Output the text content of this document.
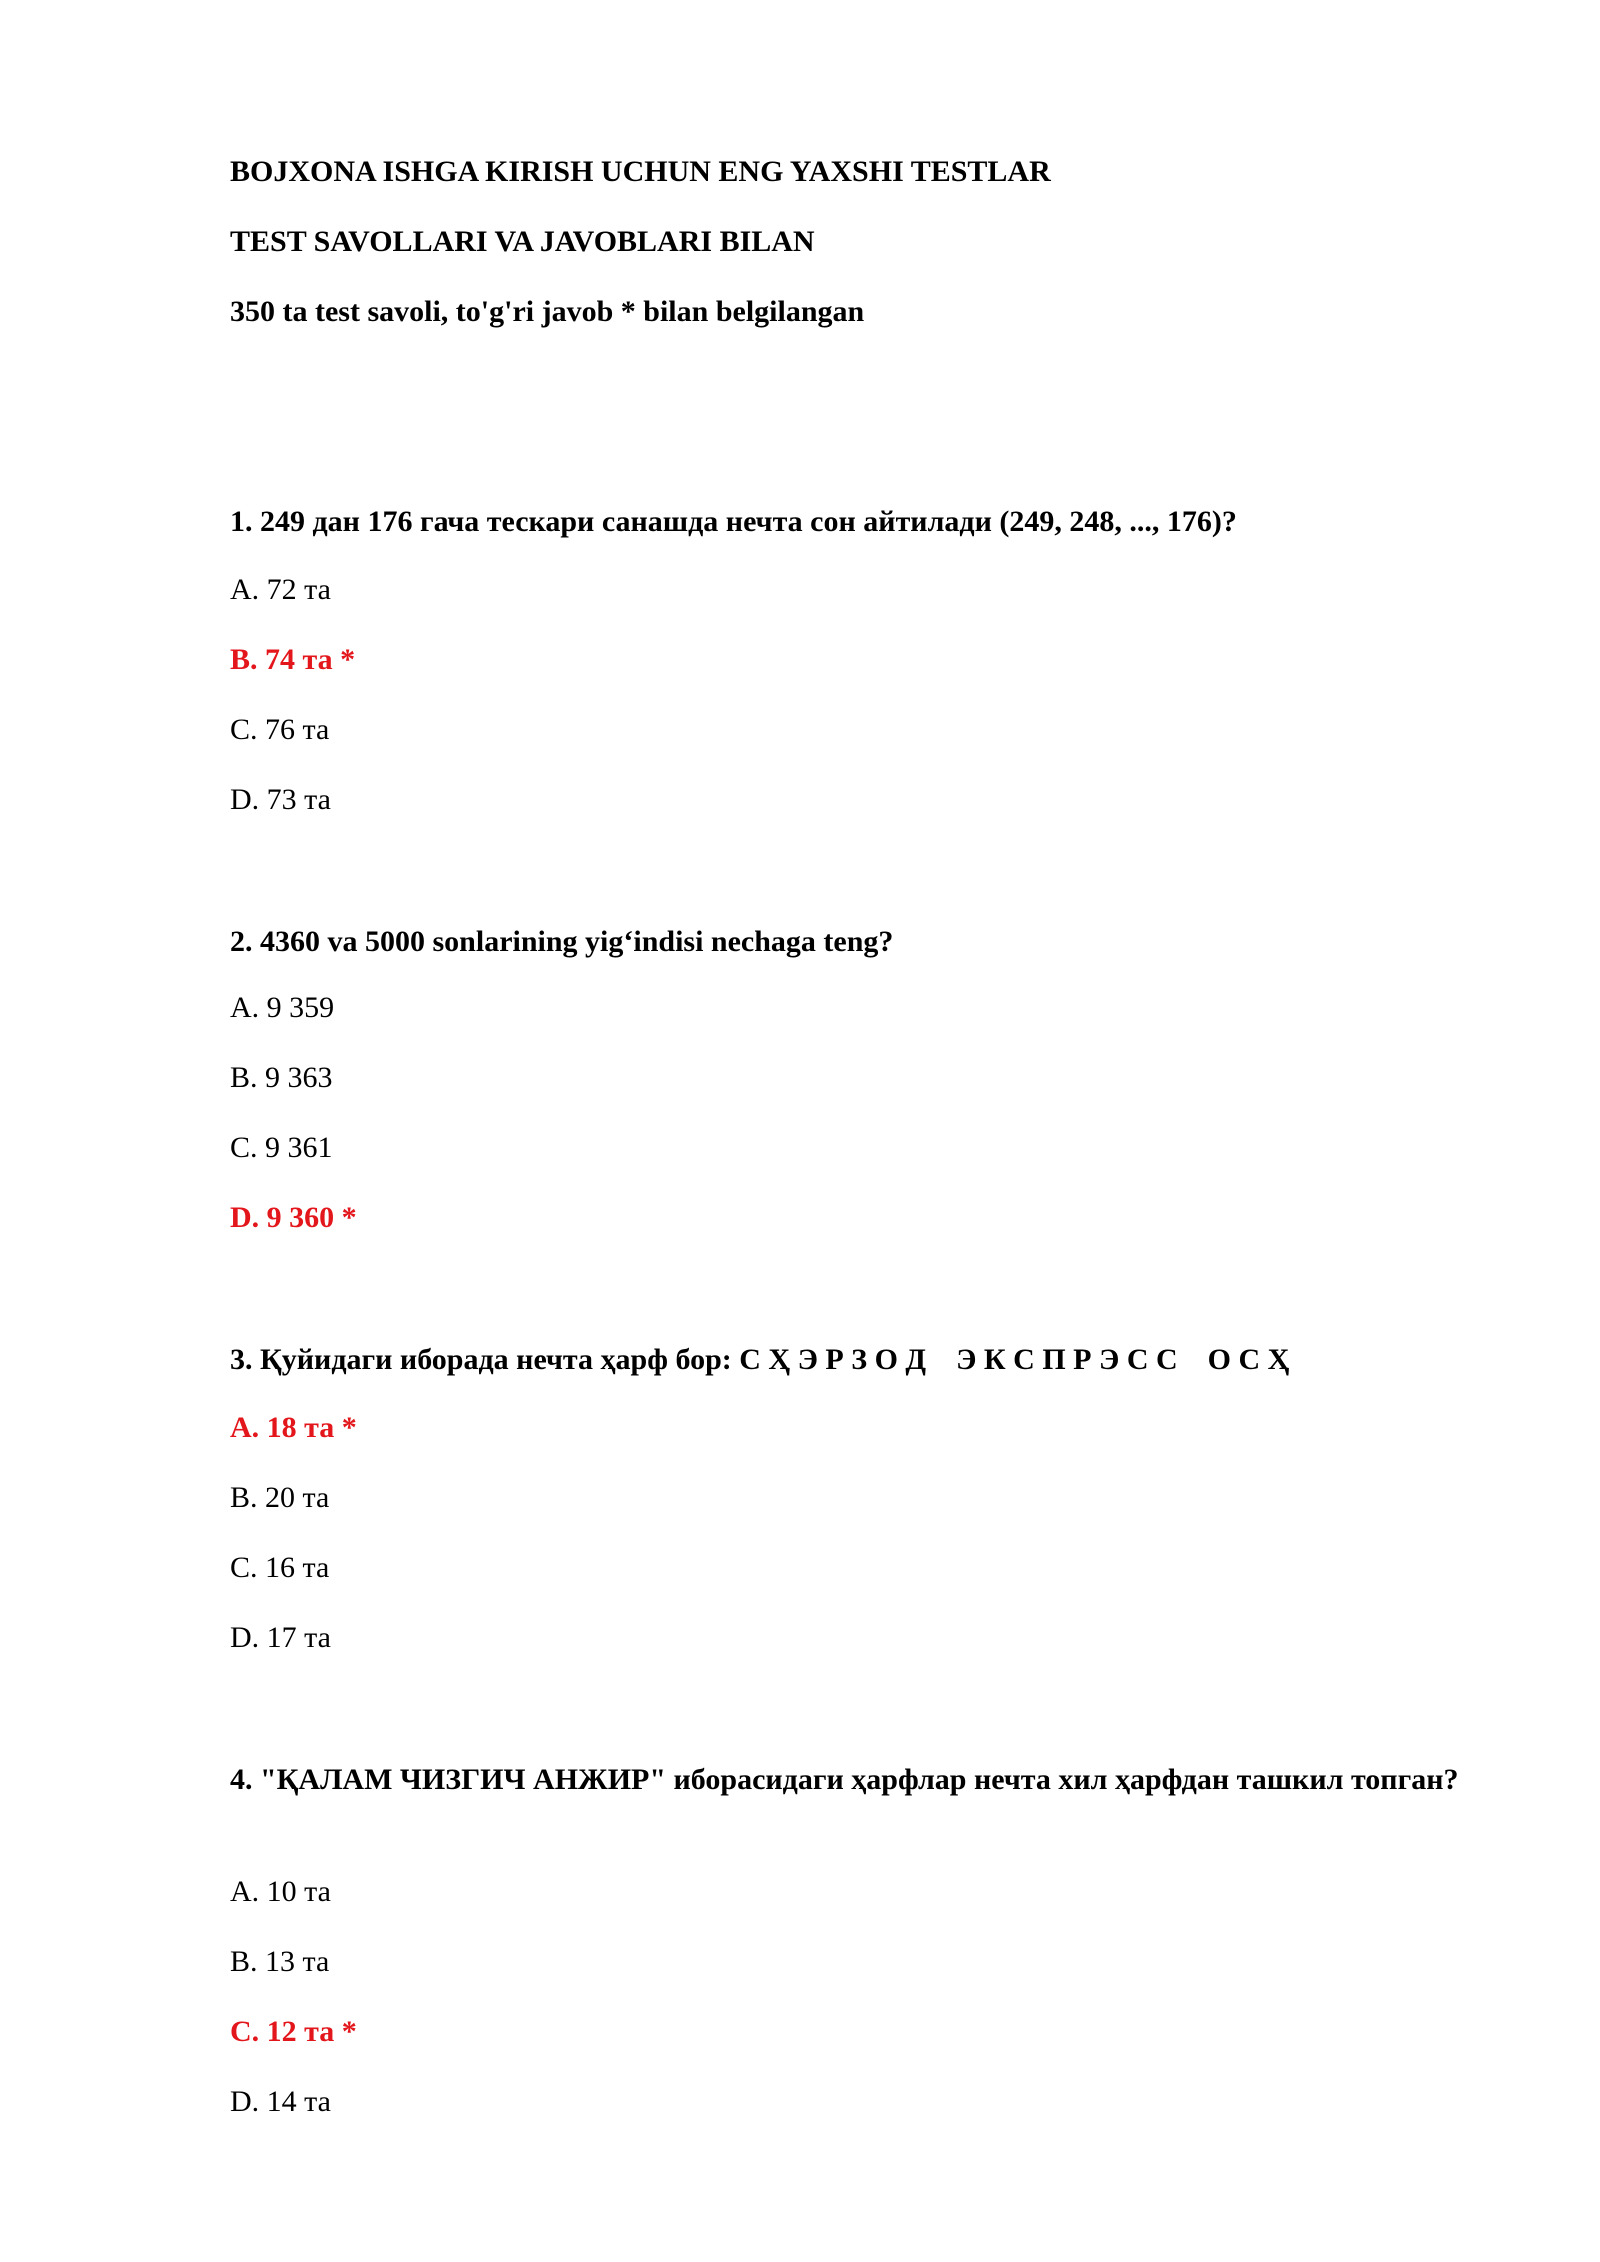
BOJXONA ISHGA KIRISH UCHUN ENG YAXSHI TESTLAR
TEST SAVOLLARI VA JAVOBLARI BILAN
350 ta test savoli, to'g'ri javob * bilan belgilangan
1. 249 дан 176 гача тескари санашда нечта сон айтилади (249, 248, ..., 176)?
A. 72 та
B. 74 та *
C. 76 та
D. 73 та
2. 4360 va 5000 sonlarining yig‘indisi nechaga teng?
A. 9 359
B. 9 363
C. 9 361
D. 9 360 *
3. Қуйидаги иборада нечта ҳарф бор: С Ҳ Э Р З О Д    Э К С П Р Э С С    О С Ҳ
A. 18 та *
B. 20 та
C. 16 та
D. 17 та
4. "ҚАЛАМ ЧИЗГИЧ АНЖИР" иборасидаги ҳарфлар нечта хил ҳарфдан ташкил топган?
A. 10 та
B. 13 та
C. 12 та *
D. 14 та
